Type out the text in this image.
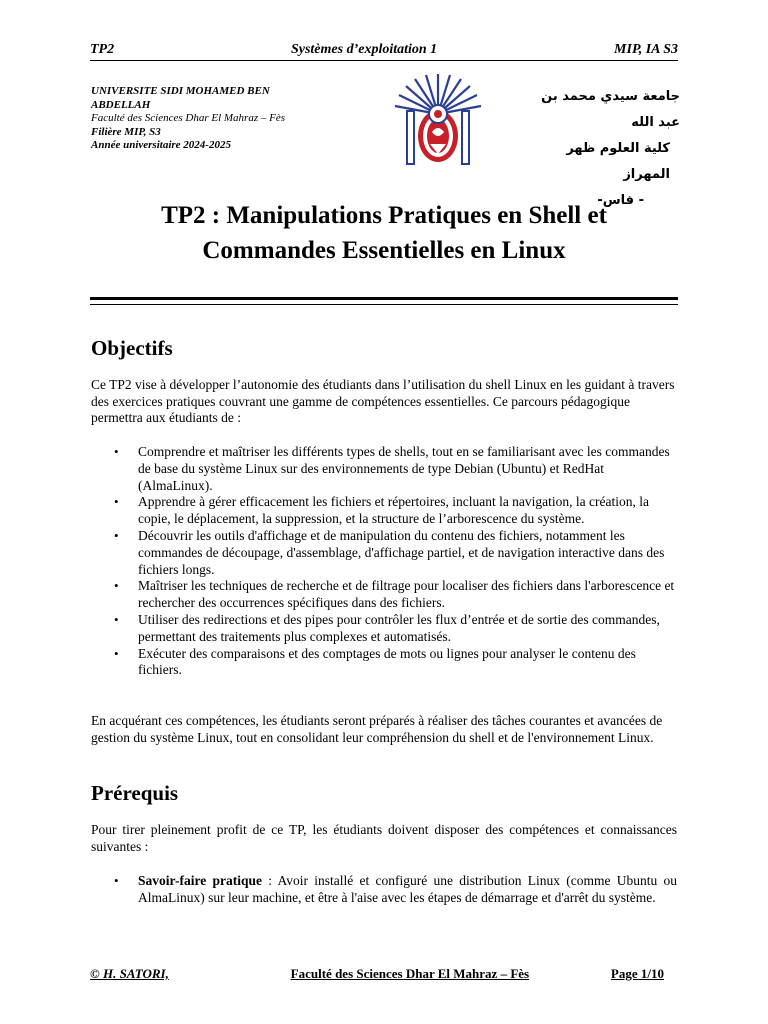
TP2	Systèmes d’exploitation 1	MIP, IA S3
UNIVERSITE SIDI MOHAMED BEN
ABDELLAH
Faculté des Sciences Dhar El Mahraz – Fès
Filière MIP, S3
Année universitaire 2024-2025
جامعة سيدي محمد بن عبد الله
كلية العلوم ظهر المهراز
- فاس-
TP2 : Manipulations Pratiques en Shell et
Commandes Essentielles en Linux
Objectifs

Ce TP2 vise à développer l’autonomie des étudiants dans l’utilisation du shell Linux en les guidant à travers des exercices pratiques couvrant une gamme de compétences essentielles. Ce parcours pédagogique permettra aux étudiants de :

• Comprendre et maîtriser les différents types de shells, tout en se familiarisant avec les commandes de base du système Linux sur des environnements de type Debian (Ubuntu) et RedHat (AlmaLinux).
• Apprendre à gérer efficacement les fichiers et répertoires, incluant la navigation, la création, la copie, le déplacement, la suppression, et la structure de l’arborescence du système.
• Découvrir les outils d'affichage et de manipulation du contenu des fichiers, notamment les commandes de découpage, d'assemblage, d'affichage partiel, et de navigation interactive dans des fichiers longs.
• Maîtriser les techniques de recherche et de filtrage pour localiser des fichiers dans l'arborescence et rechercher des occurrences spécifiques dans des fichiers.
• Utiliser des redirections et des pipes pour contrôler les flux d’entrée et de sortie des commandes, permettant des traitements plus complexes et automatisés.
• Exécuter des comparaisons et des comptages de mots ou lignes pour analyser le contenu des fichiers.

En acquérant ces compétences, les étudiants seront préparés à réaliser des tâches courantes et avancées de gestion du système Linux, tout en consolidant leur compréhension du shell et de l'environnement Linux.

Prérequis

Pour tirer pleinement profit de ce TP, les étudiants doivent disposer des compétences et connaissances suivantes :

• Savoir-faire pratique : Avoir installé et configuré une distribution Linux (comme Ubuntu ou AlmaLinux) sur leur machine, et être à l'aise avec les étapes de démarrage et d'arrêt du système.
© H. SATORI,	Faculté des Sciences Dhar El Mahraz – Fès	Page 1/10
